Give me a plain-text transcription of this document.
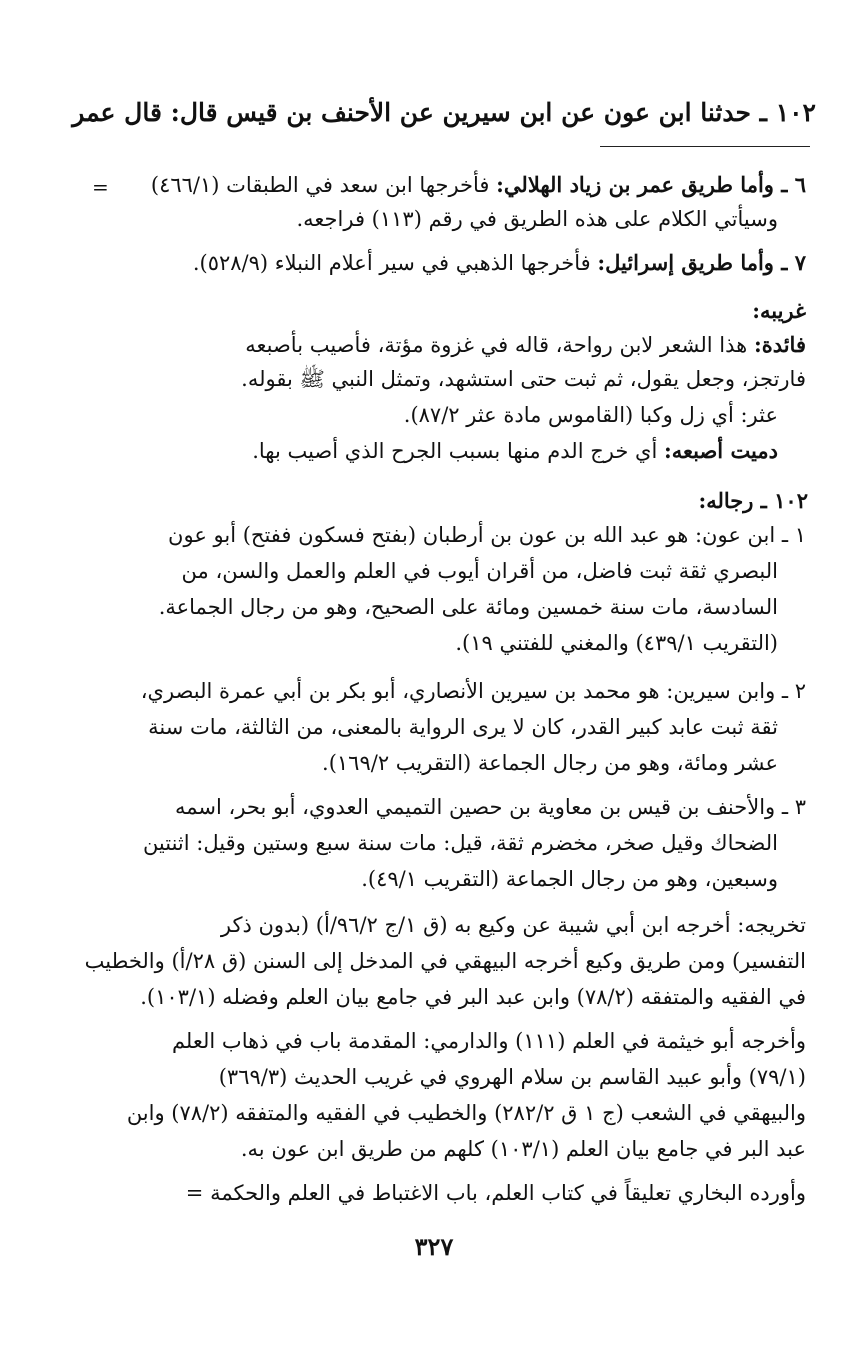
١٠٢ ـ حدثنا ابن عون عن ابن سيرين عن الأحنف بن قيس قال: قال عمر
=	٦ ـ وأما طريق عمر بن زياد الهلالي: فأخرجها ابن سعد في الطبقات (٤٦٦/١)
وسيأتي الكلام على هذه الطريق في رقم (١١٣) فراجعه.
٧ ـ وأما طريق إسرائيل: فأخرجها الذهبي في سير أعلام النبلاء (٥٢٨/٩).
غريبه:
فائدة: هذا الشعر لابن رواحة، قاله في غزوة مؤتة، فأصيب بأصبعه
فارتجز، وجعل يقول، ثم ثبت حتى استشهد، وتمثل النبي ﷺ بقوله.
عثر: أي زل وكبا (القاموس مادة عثر ٨٧/٢).
دميت أصبعه: أي خرج الدم منها بسبب الجرح الذي أصيب بها.
١٠٢ ـ رجاله:
١ ـ ابن عون: هو عبد الله بن عون بن أرطبان (بفتح فسكون ففتح) أبو عون
البصري ثقة ثبت فاضل، من أقران أيوب في العلم والعمل والسن، من
السادسة، مات سنة خمسين ومائة على الصحيح، وهو من رجال الجماعة.
(التقريب ٤٣٩/١) والمغني للفتني ١٩).
٢ ـ وابن سيرين: هو محمد بن سيرين الأنصاري، أبو بكر بن أبي عمرة البصري،
ثقة ثبت عابد كبير القدر، كان لا يرى الرواية بالمعنى، من الثالثة، مات سنة
عشر ومائة، وهو من رجال الجماعة (التقريب ١٦٩/٢).
٣ ـ والأحنف بن قيس بن معاوية بن حصين التميمي العدوي، أبو بحر، اسمه
الضحاك وقيل صخر، مخضرم ثقة، قيل: مات سنة سبع وستين وقيل: اثنتين
وسبعين، وهو من رجال الجماعة (التقريب ٤٩/١).
تخريجه: أخرجه ابن أبي شيبة عن وكيع به (ق ١/ج ٩٦/٢/أ) (بدون ذكر
التفسير) ومن طريق وكيع أخرجه البيهقي في المدخل إلى السنن (ق ٢٨/أ) والخطيب
في الفقيه والمتفقه (٧٨/٢) وابن عبد البر في جامع بيان العلم وفضله (١٠٣/١).
وأخرجه أبو خيثمة في العلم (١١١) والدارمي: المقدمة باب في ذهاب العلم
(٧٩/١) وأبو عبيد القاسم بن سلام الهروي في غريب الحديث (٣٦٩/٣)
والبيهقي في الشعب (ج ١ ق ٢٨٢/٢) والخطيب في الفقيه والمتفقه (٧٨/٢) وابن
عبد البر في جامع بيان العلم (١٠٣/١) كلهم من طريق ابن عون به.
وأورده البخاري تعليقاً في كتاب العلم، باب الاغتباط في العلم والحكمة =
٣٢٧
